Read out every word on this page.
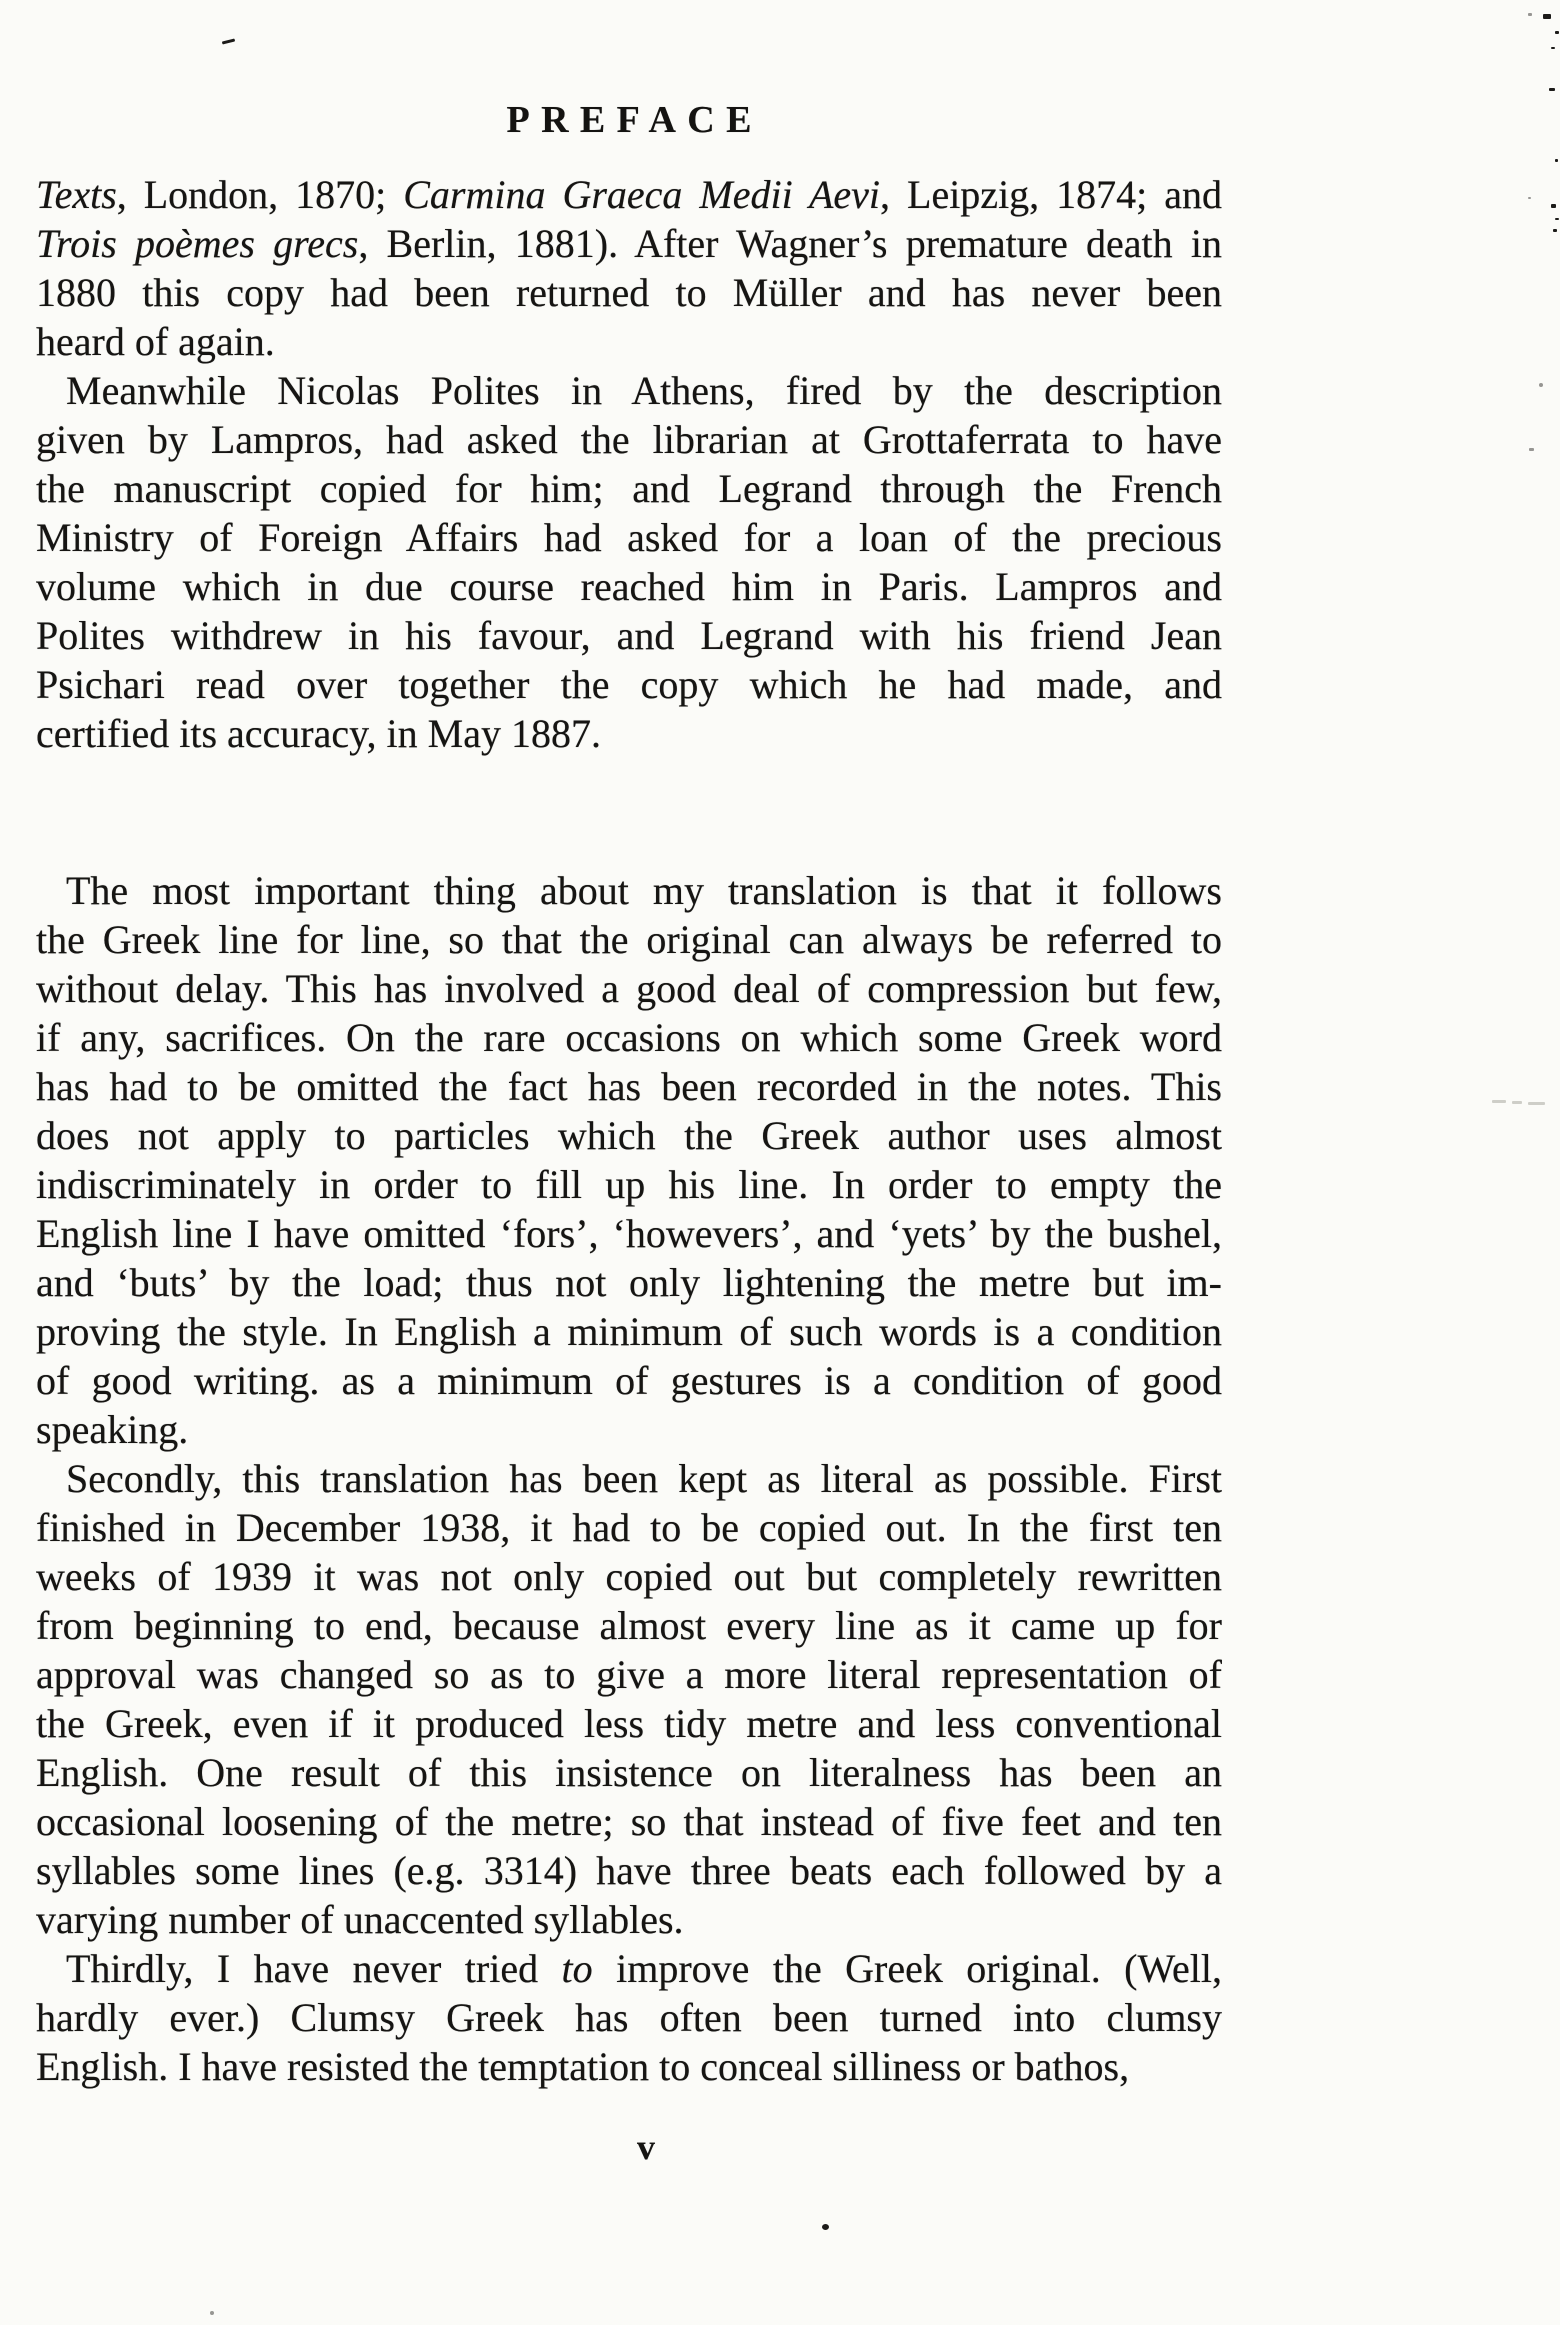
PREFACE
Texts, London, 1870; Carmina Graeca Medii Aevi, Leipzig, 1874; and
Trois poèmes grecs, Berlin, 1881). After Wagner’s premature death in
1880 this copy had been returned to Müller and has never been
heard of again.
Meanwhile Nicolas Polites in Athens, fired by the description
given by Lampros, had asked the librarian at Grottaferrata to have
the manuscript copied for him; and Legrand through the French
Ministry of Foreign Affairs had asked for a loan of the precious
volume which in due course reached him in Paris. Lampros and
Polites withdrew in his favour, and Legrand with his friend Jean
Psichari read over together the copy which he had made, and
certified its accuracy, in May 1887.
The most important thing about my translation is that it follows
the Greek line for line, so that the original can always be referred to
without delay. This has involved a good deal of compression but few,
if any, sacrifices. On the rare occasions on which some Greek word
has had to be omitted the fact has been recorded in the notes. This
does not apply to particles which the Greek author uses almost
indiscriminately in order to fill up his line. In order to empty the
English line I have omitted ‘fors’, ‘howevers’, and ‘yets’ by the bushel,
and ‘buts’ by the load; thus not only lightening the metre but im-
proving the style. In English a minimum of such words is a condition
of good writing. as a minimum of gestures is a condition of good
speaking.
Secondly, this translation has been kept as literal as possible. First
finished in December 1938, it had to be copied out. In the first ten
weeks of 1939 it was not only copied out but completely rewritten
from beginning to end, because almost every line as it came up for
approval was changed so as to give a more literal representation of
the Greek, even if it produced less tidy metre and less conventional
English. One result of this insistence on literalness has been an
occasional loosening of the metre; so that instead of five feet and ten
syllables some lines (e.g. 3314) have three beats each followed by a
varying number of unaccented syllables.
Thirdly, I have never tried to improve the Greek original. (Well,
hardly ever.) Clumsy Greek has often been turned into clumsy
English. I have resisted the temptation to conceal silliness or bathos,
v
